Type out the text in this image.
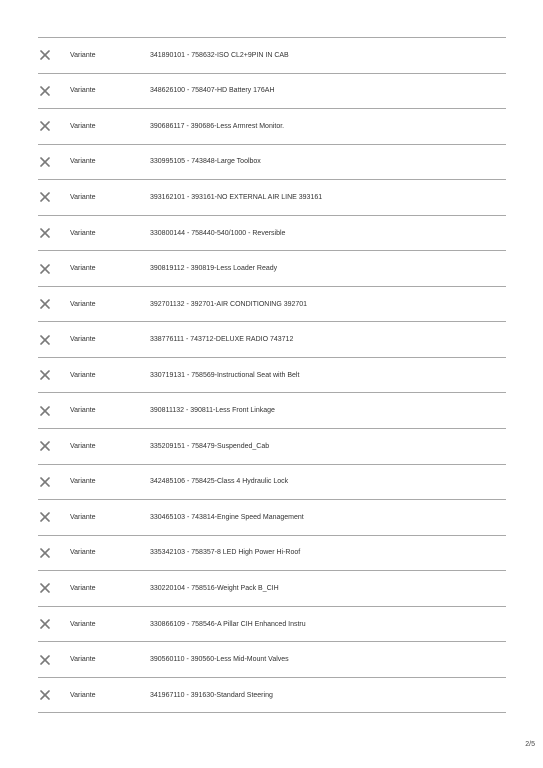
Variante	341890101 - 758632-ISO CL2+9PIN IN CAB
Variante	348626100 - 758407-HD Battery 176AH
Variante	390686117 - 390686-Less Armrest Monitor.
Variante	330995105 - 743848-Large Toolbox
Variante	393162101 - 393161-NO EXTERNAL AIR LINE 393161
Variante	330800144 - 758440-540/1000 - Reversible
Variante	390819112 - 390819-Less Loader Ready
Variante	392701132 - 392701-AIR CONDITIONING 392701
Variante	338776111 - 743712-DELUXE RADIO 743712
Variante	330719131 - 758569-Instructional Seat with Belt
Variante	390811132 - 390811-Less Front Linkage
Variante	335209151 - 758479-Suspended_Cab
Variante	342485106 - 758425-Class 4 Hydraulic Lock
Variante	330465103 - 743814-Engine Speed Management
Variante	335342103 - 758357-8 LED High Power Hi-Roof
Variante	330220104 - 758516-Weight Pack B_CIH
Variante	330866109 - 758546-A Pillar CIH Enhanced Instru
Variante	390560110 - 390560-Less Mid-Mount Valves
Variante	341967110 - 391630-Standard Steering
2/5
